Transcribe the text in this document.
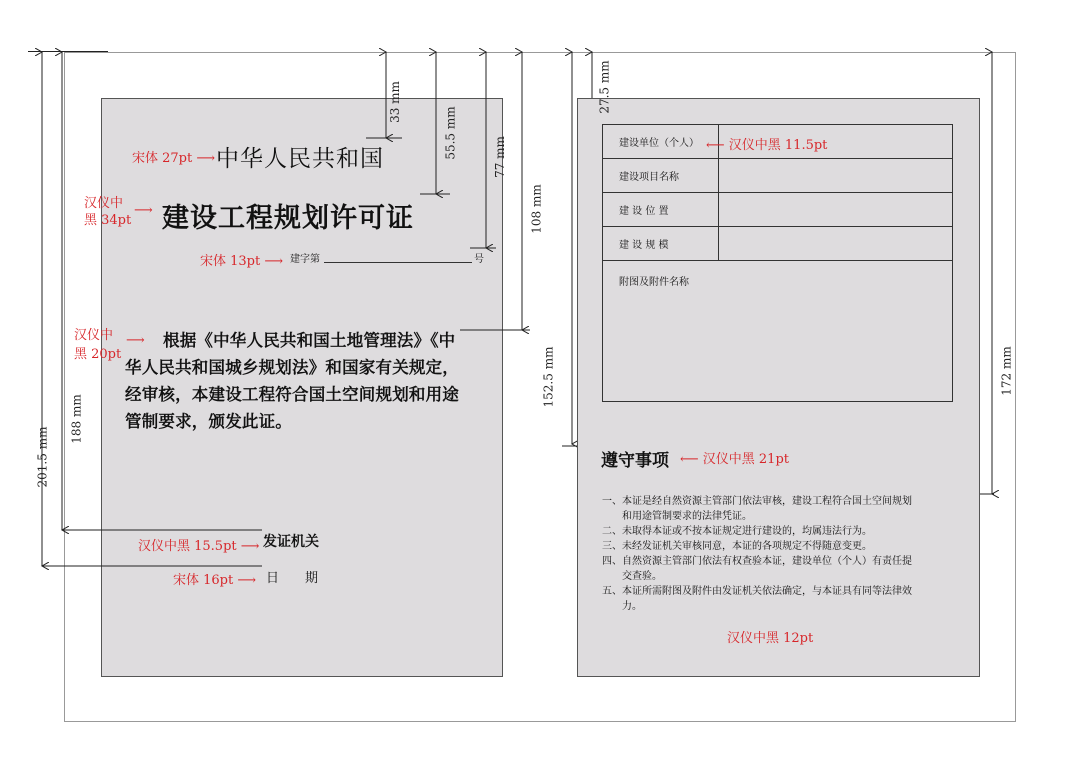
中华人民共和国
建设工程规划许可证
建字第	号
根据《中华人民共和国土地管理法》《中
华人民共和国城乡规划法》和国家有关规定，
经审核，本建设工程符合国土空间规划和用途
管制要求，颁发此证。
发证机关
日　　期
宋体 27pt ⟶
汉仪中
黑 34pt
⟶
宋体 13pt ⟶
汉仪中
黑 20pt
⟶
汉仪中黑 15.5pt ⟶
宋体 16pt ⟶
33 mm
55.5 mm	77 mm
108 mm
188 mm
201.5 mm
建设单位（个人）	
建设项目名称	
建 设 位 置	
建 设 规 模	
附图及附件名称	
遵守事项
一、本证是经自然资源主管部门依法审核，建设工程符合国土空间规划
　　和用途管制要求的法律凭证。
二、未取得本证或不按本证规定进行建设的，均属违法行为。
三、未经发证机关审核同意，本证的各项规定不得随意变更。
四、自然资源主管部门依法有权查验本证，建设单位（个人）有责任提
　　交查验。
五、本证所需附图及附件由发证机关依法确定，与本证具有同等法律效
　　力。
⟵ 汉仪中黑 11.5pt
⟵ 汉仪中黑 21pt
汉仪中黑 12pt
27.5 mm
152.5 mm	172 mm
